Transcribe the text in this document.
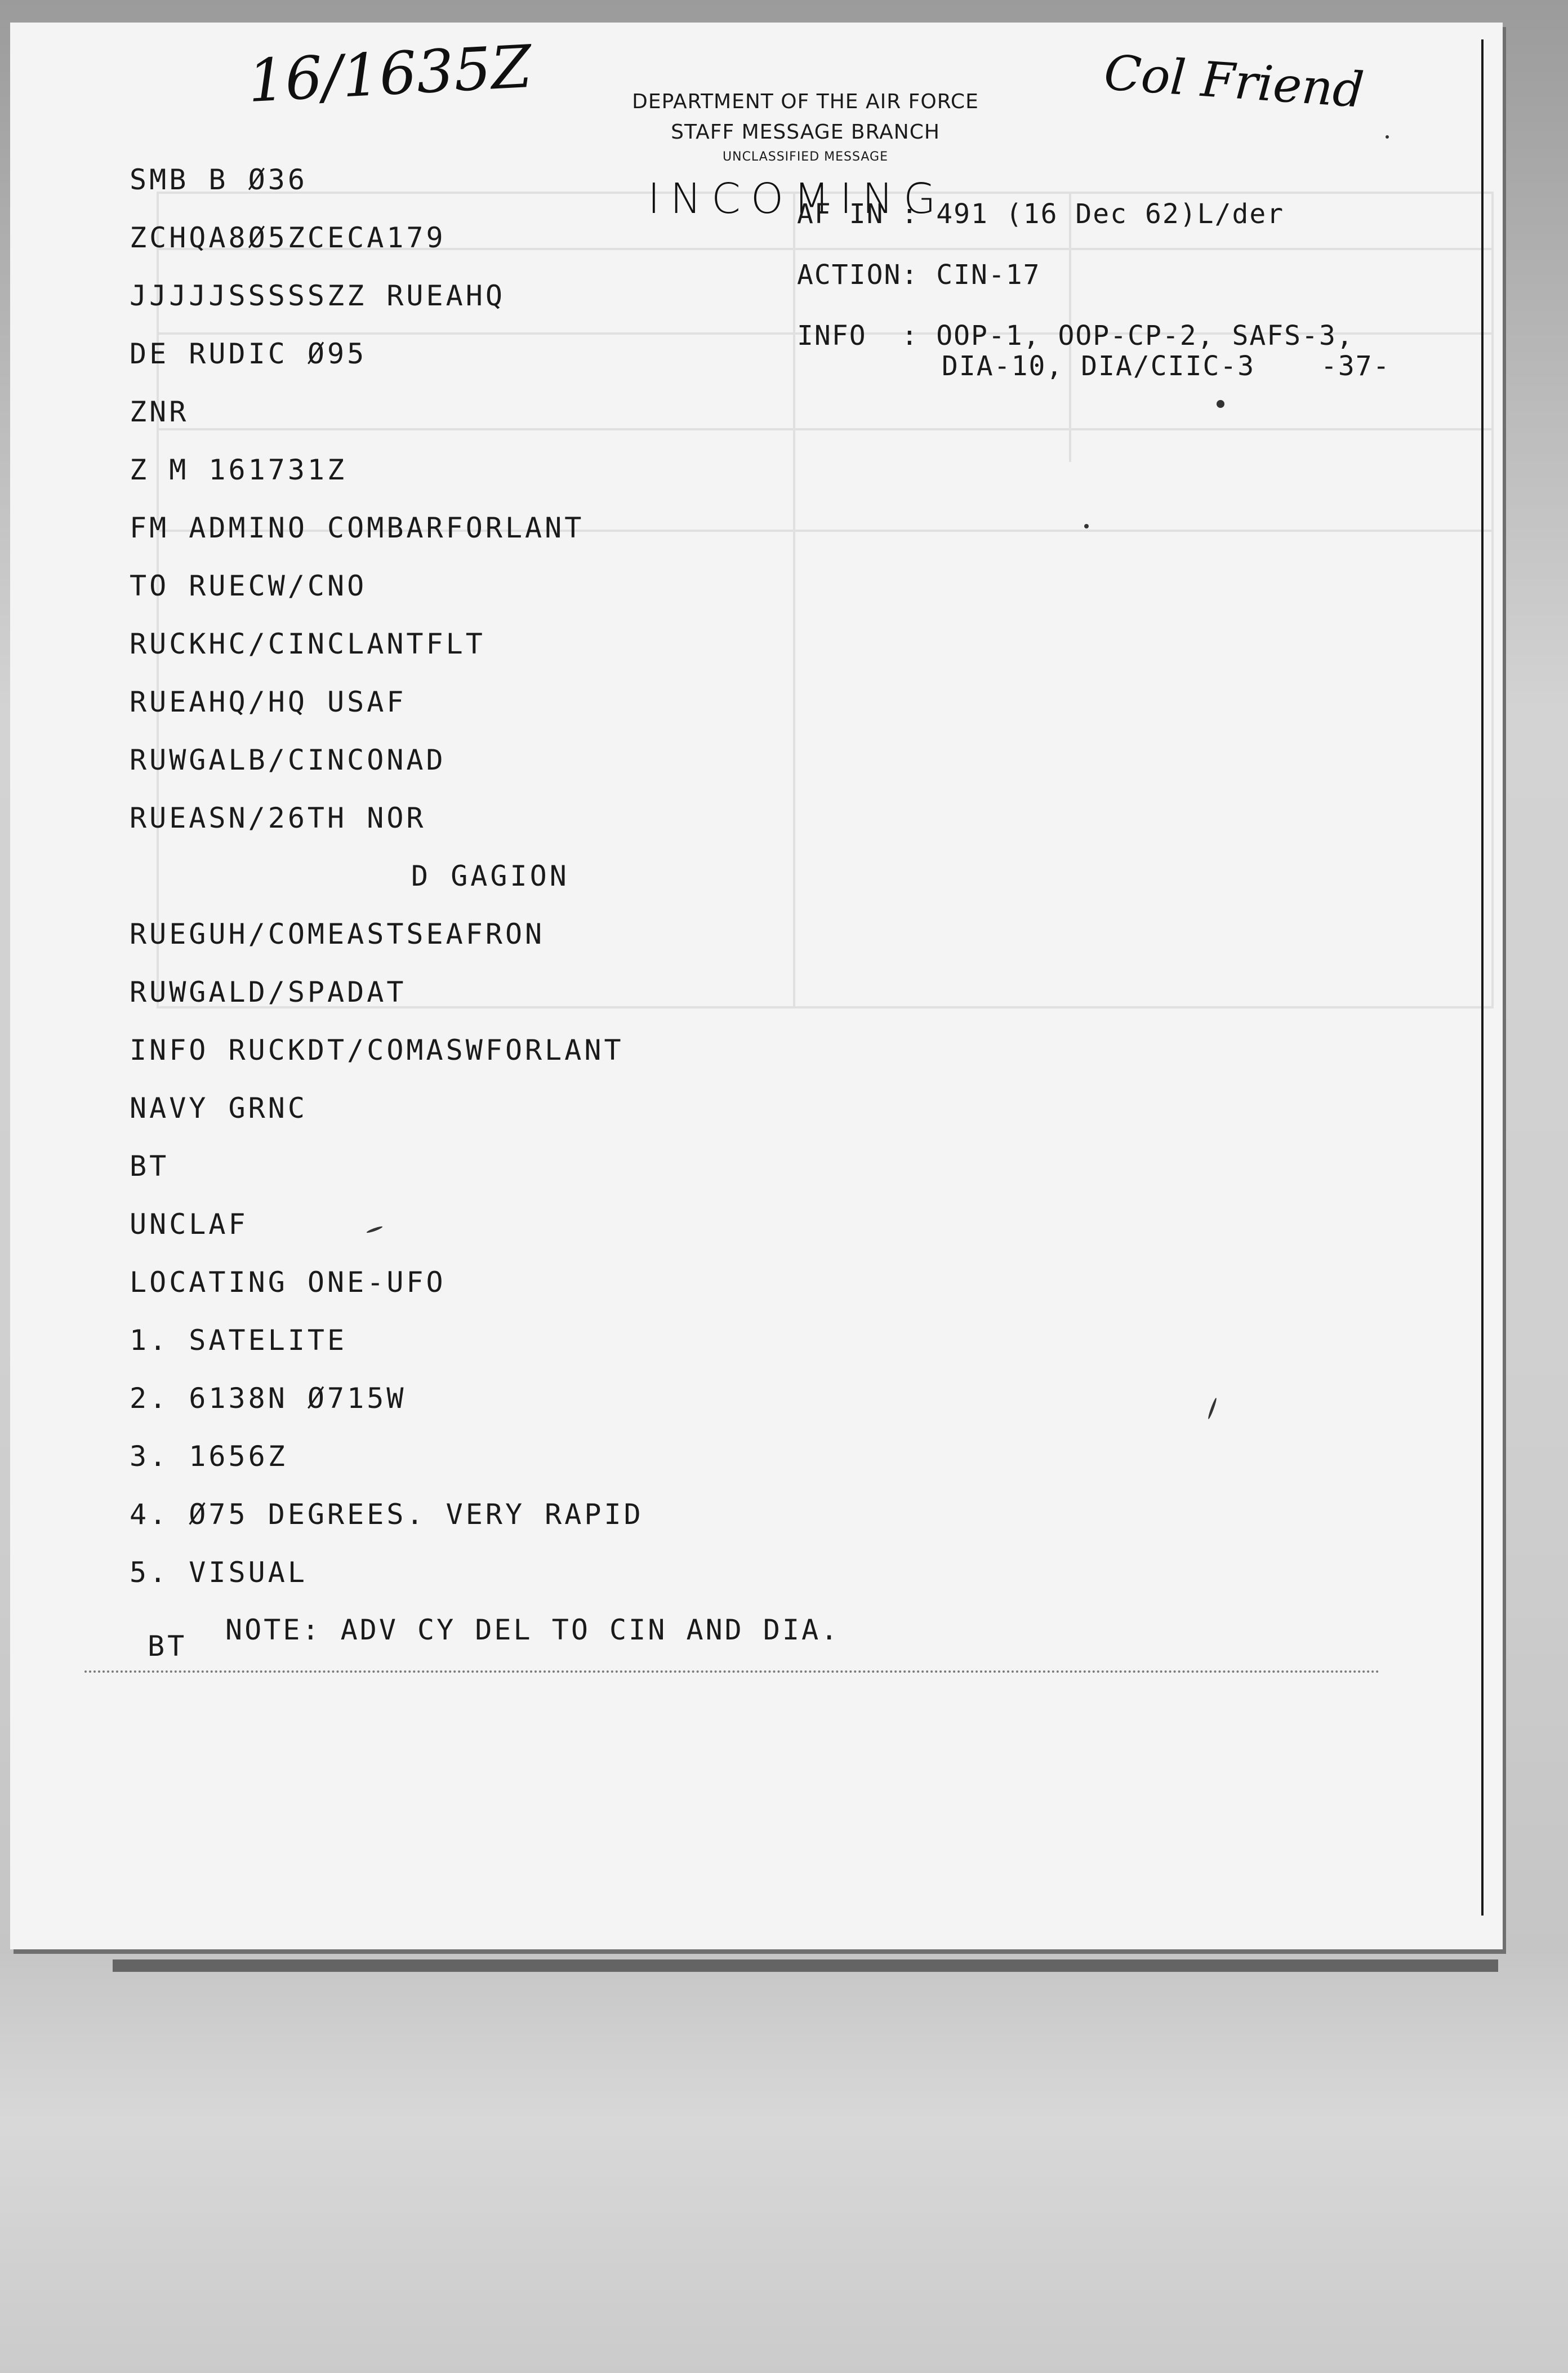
16/1635Z	Col Friend
DEPARTMENT OF THE AIR FORCE
STAFF MESSAGE BRANCH
UNCLASSIFIED MESSAGE
INCOMING
AF IN : 491 (16 Dec 62)L/der
ACTION: CIN-17
INFO  : OOP-1, OOP-CP-2, SAFS-3,
DIA-10, DIA/CIIC-3 -37-
SMB B Ø36
ZCHQA8Ø5ZCECA179
JJJJJSSSSSZZ RUEAHQ
DE RUDIC Ø95
ZNR
Z M 161731Z
FM ADMINO COMBARFORLANT
TO RUECW/CNO
RUCKHC/CINCLANTFLT
RUEAHQ/HQ USAF
RUWGALB/CINCONAD
RUEASN/26TH NOR
D GAGION
RUEGUH/COMEASTSEAFRON
RUWGALD/SPADAT
INFO RUCKDT/COMASWFORLANT
NAVY GRNC
BT
UNCLAF
LOCATING ONE-UFO
1. SATELITE
2. 6138N Ø715W
3. 1656Z
4. Ø75 DEGREES. VERY RAPID
5. VISUAL
BT NOTE: ADV CY DEL TO CIN AND DIA.
